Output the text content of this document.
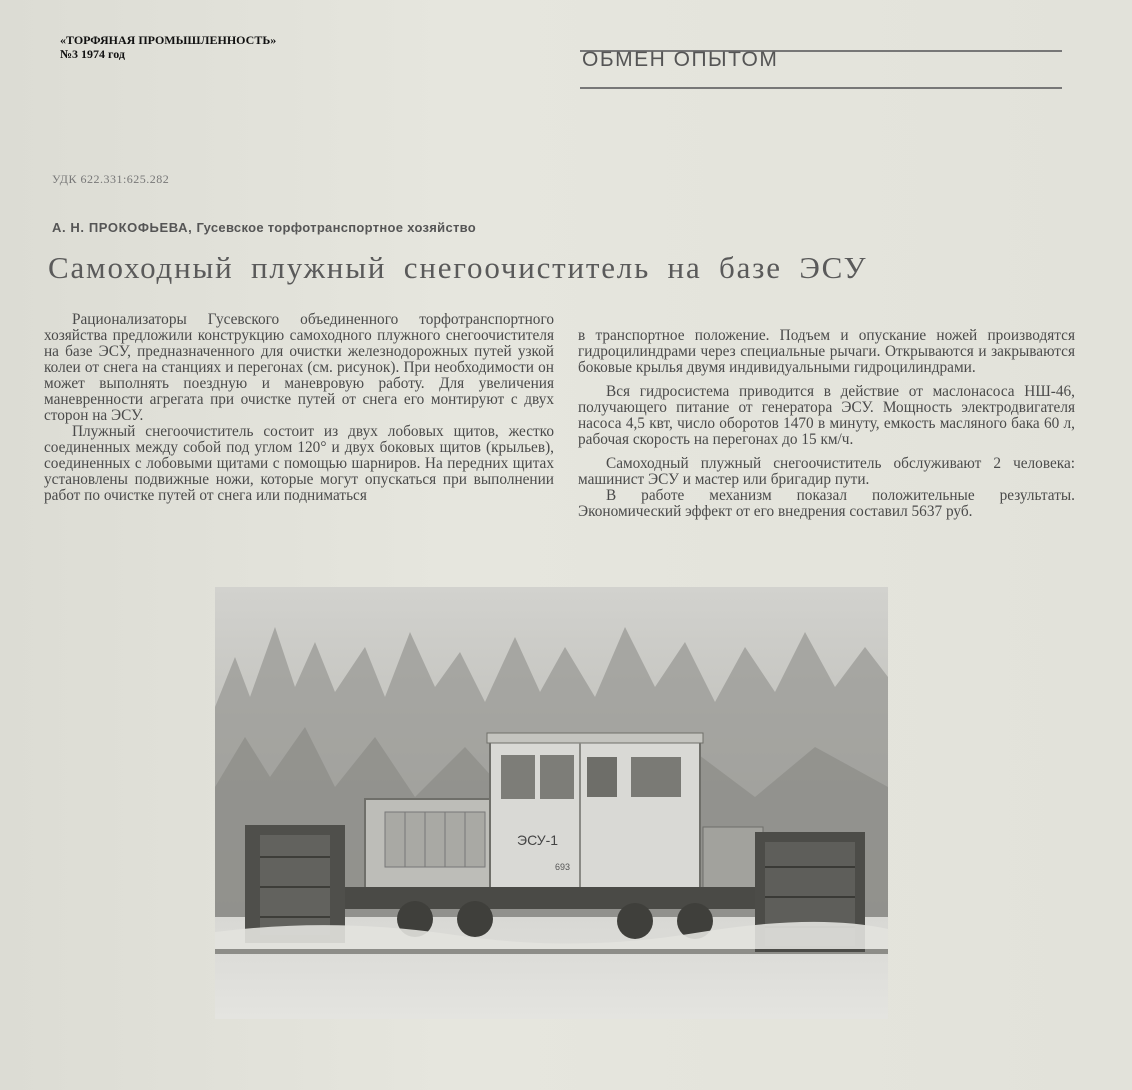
«ТОРФЯНАЯ ПРОМЫШЛЕННОСТЬ»
№3 1974 год	ОБМЕН ОПЫТОМ
УДК 622.331:625.282
А. Н. ПРОКОФЬЕВА, Гусевское торфотранспортное хозяйство
Самоходный плужный снегоочиститель на базе ЭСУ

Рационализаторы Гусевского объединенного торфотранспортного хозяйства предложили конструкцию самоходного плужного снегоочистителя на базе ЭСУ, предназначенного для очистки железнодорожных путей узкой колеи от снега на станциях и перегонах (см. рисунок). При необходимости он может выполнять поездную и маневровую работу. Для увеличения маневренности агрегата при очистке путей от снега его монтируют с двух сторон на ЭСУ.

Плужный снегоочиститель состоит из двух лобовых щитов, жестко соединенных между собой под углом 120° и двух боковых щитов (крыльев), соединенных с лобовыми щитами с помощью шарниров. На передних щитах установлены подвижные ножи, которые могут опускаться при выполнении работ по очистке путей от снега или подниматься

в транспортное положение. Подъем и опускание ножей производятся гидроцилиндрами через специальные рычаги. Открываются и закрываются боковые крылья двумя индивидуальными гидроцилиндрами.

Вся гидросистема приводится в действие от маслонасоса НШ-46, получающего питание от генератора ЭСУ. Мощность электродвигателя насоса 4,5 квт, число оборотов 1470 в минуту, емкость масляного бака 60 л, рабочая скорость на перегонах до 15 км/ч.

Самоходный плужный снегоочиститель обслуживают 2 человека: машинист ЭСУ и мастер или бригадир пути.

В работе механизм показал положительные результаты. Экономический эффект от его внедрения составил 5637 руб.

ЭСУ-1
693
